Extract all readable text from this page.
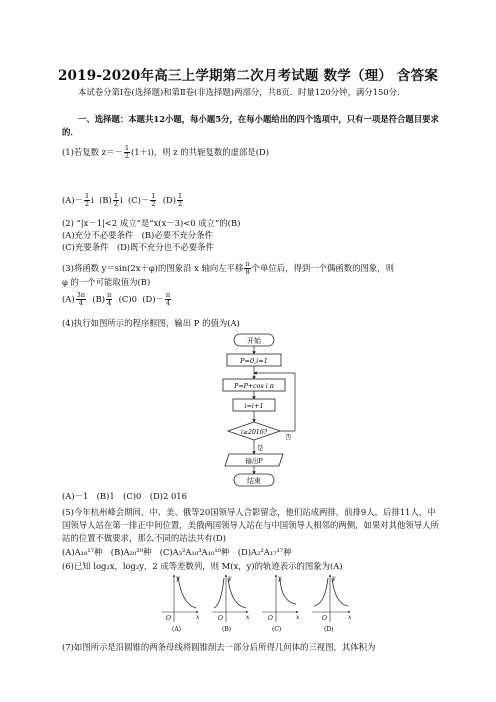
2019-2020年高三上学期第二次月考试题 数学（理） 含答案
本试卷分第Ⅰ卷(选择题)和第Ⅱ卷(非选择题)两部分，共8页．时量120分钟，满分150分．
一、选择题：本题共12小题，每小题5分，在每小题给出的四个选项中，只有一项是符合题目要求的．
(1)若复数 $z=- \frac{1}{2} (1+i)$，则 z 的共轭复数的虚部是(D)
$(A)- \frac{1}{2}$ i $(B) \frac{1}{2}$ i $(C)- \frac{1}{2} (D) \frac{1}{2}$
(2) “|x－1|<2 成立”是“x(x－3)<0 成立”的(B)
(A)充分不必要条件　 (B)必要不充分条件
(C)充要条件　 (D)既不充分也不必要条件
(3)将函数 y＝sin(2x＋φ)的图象沿 x 轴向左平移 $\frac{\pi}{8}$ 个单位后，得到一个偶函数的图象，则
φ 的一个可能取值为(B)
$(A) \frac{3\pi}{4} (B) \frac{\pi}{4} (C)0$ $(D)- \frac{\pi}{4}$
(4)执行如图所示的程序框图，输出 P 的值为(A)
开始
P=0,i=1
P=P+cos i π
i=i+1
i≥2016?
否
是
输出P
结束
(A)－1　(B)1　(C)0　(D)2 016
(5)今年杭州峰会期间，中、美、俄等20国领导人合影留念，他们站成两排，前排9人，后排11人，中国领导人站在第一排正中间位置，美俄两国领导人站在与中国领导人相邻的两侧，如果对其他领导人所站的位置不做要求，那么不同的站法共有(D)
(A)A₁₈¹⁷种　(B)A₂₀²⁰种　(C)A₃²A₁₈³A₁₀¹⁰种　(D)A₂²A₁₇¹⁷种
(6)已知 log₂x，log₂y，2 成等差数列，则 M(x，y)的轨迹表示的图象为(A)
O	x
y
(A)
O	x
y
(B)
O	x
y
(C)
O	x
y
(D)
(7)如图所示是沿圆锥的两条母线将圆锥削去一部分后所得几何体的三视图，其体积为
